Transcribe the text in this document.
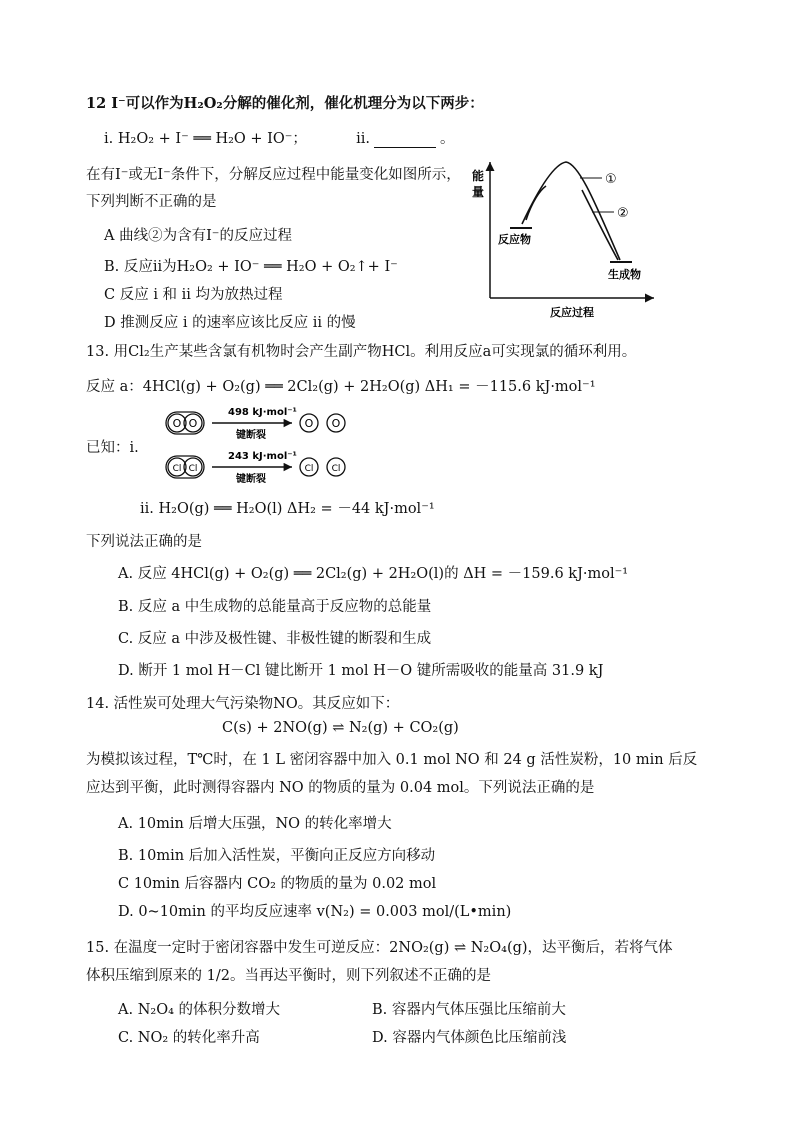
12 I⁻可以作为H₂O₂分解的催化剂，催化机理分为以下两步：
i. H₂O₂ + I⁻ ══ H₂O + IO⁻；	ii.	。
在有I⁻或无I⁻条件下，分解反应过程中能量变化如图所示，
下列判断不正确的是
A 曲线②为含有I⁻的反应过程
B. 反应ii为H₂O₂ + IO⁻ ══ H₂O + O₂↑+ I⁻
C 反应 i 和 ii 均为放热过程
D 推测反应 i 的速率应该比反应 ii 的慢
能
量
反应物
生成物
①
②
反应过程
13. 用Cl₂生产某些含氯有机物时会产生副产物HCl。利用反应a可实现氯的循环利用。
反应 a：4HCl(g) + O₂(g) ══ 2Cl₂(g) + 2H₂O(g) ΔH₁ = －115.6 kJ·mol⁻¹
已知：i.
O O
498 kJ·mol⁻¹
键断裂
O O
Cl Cl
243 kJ·mol⁻¹
键断裂
Cl Cl
ii. H₂O(g) ══ H₂O(l) ΔH₂ = －44 kJ·mol⁻¹
下列说法正确的是
A. 反应 4HCl(g) + O₂(g) ══ 2Cl₂(g) + 2H₂O(l)的 ΔH = －159.6 kJ·mol⁻¹
B. 反应 a 中生成物的总能量高于反应物的总能量
C. 反应 a 中涉及极性键、非极性键的断裂和生成
D. 断开 1 mol H－Cl 键比断开 1 mol H－O 键所需吸收的能量高 31.9 kJ
14. 活性炭可处理大气污染物NO。其反应如下：
C(s) + 2NO(g) ⇌ N₂(g) + CO₂(g)
为模拟该过程，T℃时，在 1 L 密闭容器中加入 0.1 mol NO 和 24 g 活性炭粉，10 min 后反
应达到平衡，此时测得容器内 NO 的物质的量为 0.04 mol。下列说法正确的是
A. 10min 后增大压强，NO 的转化率增大
B. 10min 后加入活性炭，平衡向正反应方向移动
C 10min 后容器内 CO₂ 的物质的量为 0.02 mol
D. 0~10min 的平均反应速率 v(N₂) = 0.003 mol/(L•min)
15. 在温度一定时于密闭容器中发生可逆反应：2NO₂(g) ⇌ N₂O₄(g)，达平衡后，若将气体
体积压缩到原来的 1/2。当再达平衡时，则下列叙述不正确的是
A. N₂O₄ 的体积分数增大	B. 容器内气体压强比压缩前大
C. NO₂ 的转化率升高	D. 容器内气体颜色比压缩前浅
